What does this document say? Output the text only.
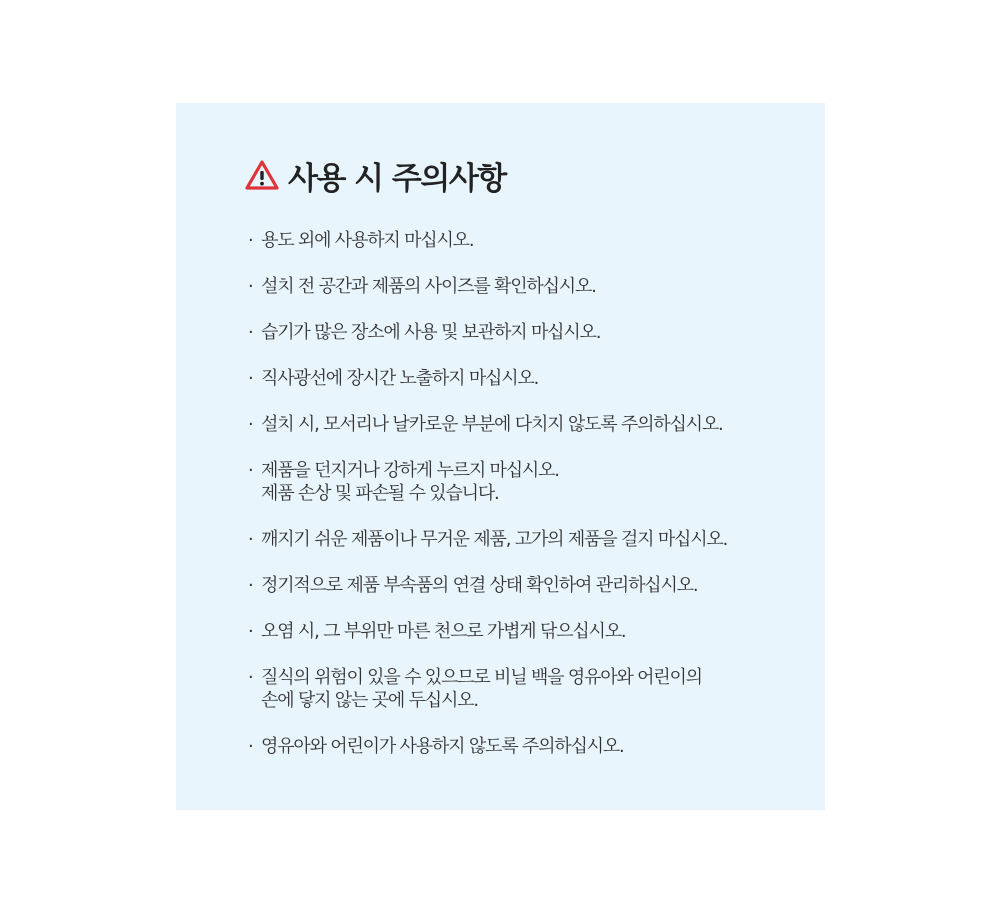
사용 시 주의사항
· 용도 외에 사용하지 마십시오.
· 설치 전 공간과 제품의 사이즈를 확인하십시오.
· 습기가 많은 장소에 사용 및 보관하지 마십시오.
· 직사광선에 장시간 노출하지 마십시오.
· 설치 시, 모서리나 날카로운 부분에 다치지 않도록 주의하십시오.
· 제품을 던지거나 강하게 누르지 마십시오.
제품 손상 및 파손될 수 있습니다.
· 깨지기 쉬운 제품이나 무거운 제품, 고가의 제품을 걸지 마십시오.
· 정기적으로 제품 부속품의 연결 상태 확인하여 관리하십시오.
· 오염 시, 그 부위만 마른 천으로 가볍게 닦으십시오.
· 질식의 위험이 있을 수 있으므로 비닐 백을 영유아와 어린이의
손에 닿지 않는 곳에 두십시오.
· 영유아와 어린이가 사용하지 않도록 주의하십시오.
